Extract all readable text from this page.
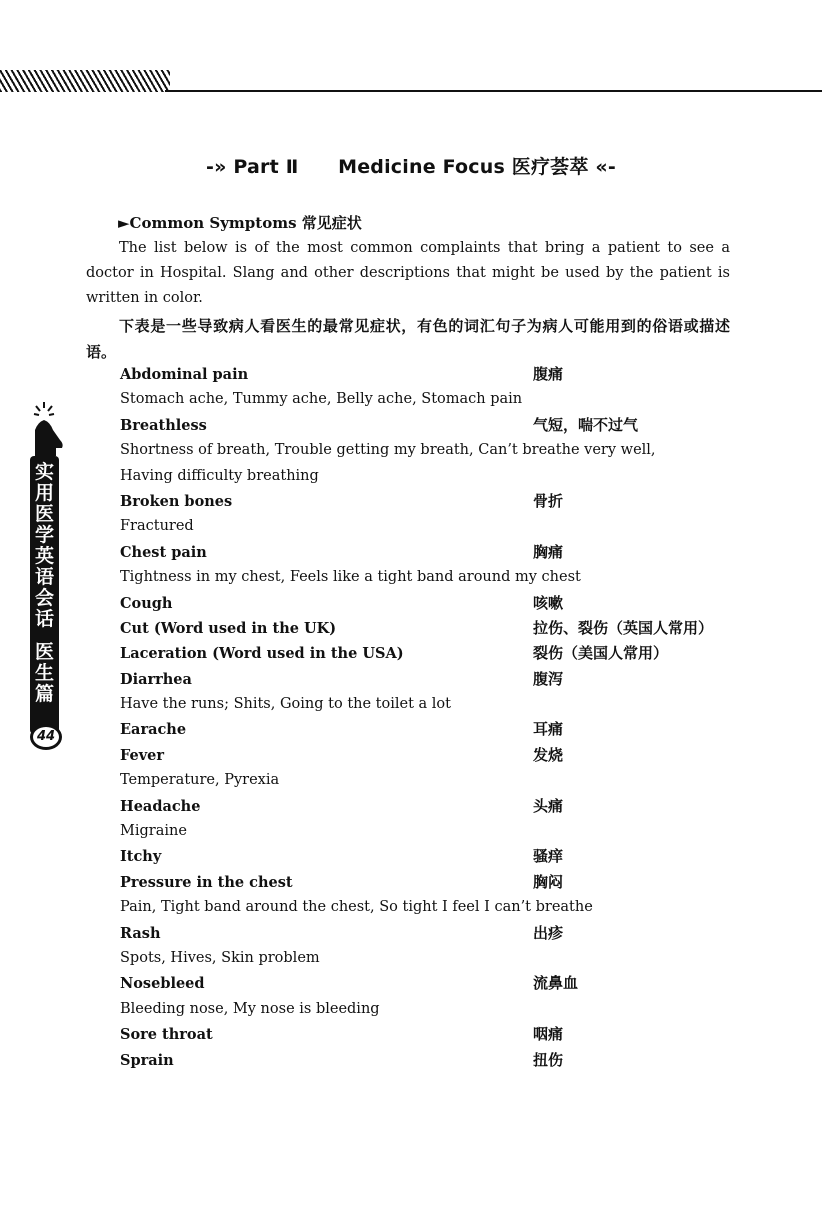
-» Part Ⅱ Medicine Focus 医疗荟萃 «-
►Common Symptoms 常见症状

The list below is of the most common complaints that bring a patient to see a doctor in Hospital. Slang and other descriptions that might be used by the patient is written in color.

下表是一些导致病人看医生的最常见症状，有色的词汇句子为病人可能用到的俗语或描述语。

Abdominal pain	腹痛
Stomach ache, Tummy ache, Belly ache, Stomach pain
Breathless	气短，喘不过气
Shortness of breath, Trouble getting my breath, Can’t breathe very well,
Having difficulty breathing
Broken bones	骨折
Fractured
Chest pain	胸痛
Tightness in my chest, Feels like a tight band around my chest
Cough	咳嗽
Cut (Word used in the UK)	拉伤、裂伤（英国人常用）
Laceration (Word used in the USA)	裂伤（美国人常用）
Diarrhea	腹泻
Have the runs; Shits, Going to the toilet a lot
Earache	耳痛
Fever	发烧
Temperature, Pyrexia
Headache	头痛
Migraine
Itchy	骚痒
Pressure in the chest	胸闷
Pain, Tight band around the chest, So tight I feel I can’t breathe
Rash	出疹
Spots, Hives, Skin problem
Nosebleed	流鼻血
Bleeding nose, My nose is bleeding
Sore throat	咽痛
Sprain	扭伤
实
用
医
学
英
语
会
话
医
生
篇
44
